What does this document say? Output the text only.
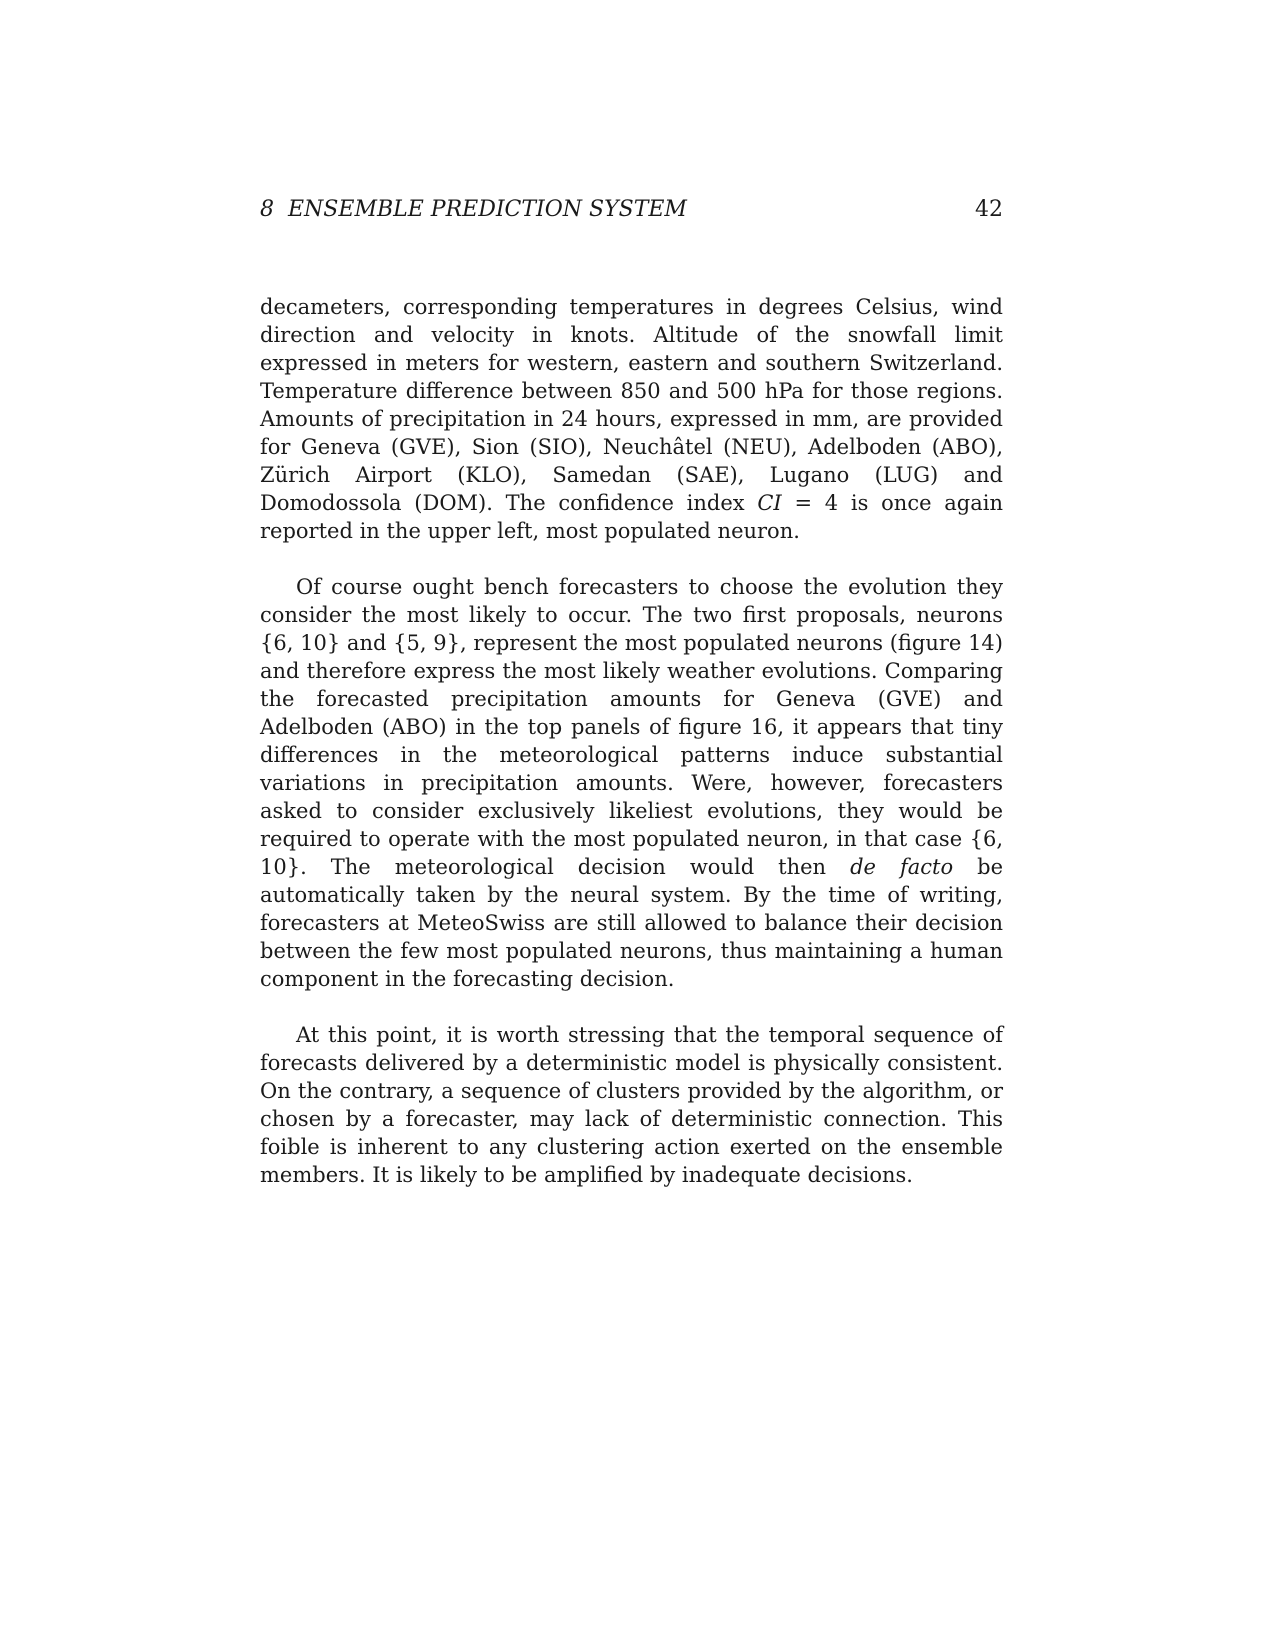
8 ENSEMBLE PREDICTION SYSTEM	42

decameters, corresponding temperatures in degrees Celsius, wind direction and velocity in knots. Altitude of the snowfall limit expressed in meters for western, eastern and southern Switzerland. Temperature difference between 850 and 500 hPa for those regions. Amounts of precipitation in 24 hours, expressed in mm, are provided for Geneva (GVE), Sion (SIO), Neuchâtel (NEU), Adelboden (ABO), Zürich Airport (KLO), Samedan (SAE), Lugano (LUG) and Domodossola (DOM). The confidence index CI = 4 is once again reported in the upper left, most populated neuron.

Of course ought bench forecasters to choose the evolution they consider the most likely to occur. The two first proposals, neurons {6, 10} and {5, 9}, represent the most populated neurons (figure 14) and therefore express the most likely weather evolutions. Comparing the forecasted precipitation amounts for Geneva (GVE) and Adelboden (ABO) in the top panels of figure 16, it appears that tiny differences in the meteorological patterns induce substantial variations in precipitation amounts. Were, however, forecasters asked to consider exclusively likeliest evolutions, they would be required to operate with the most populated neuron, in that case {6, 10}. The meteorological decision would then de facto be automatically taken by the neural system. By the time of writing, forecasters at MeteoSwiss are still allowed to balance their decision between the few most populated neurons, thus maintaining a human component in the forecasting decision.

At this point, it is worth stressing that the temporal sequence of forecasts delivered by a deterministic model is physically consistent. On the contrary, a sequence of clusters provided by the algorithm, or chosen by a forecaster, may lack of deterministic connection. This foible is inherent to any clustering action exerted on the ensemble members. It is likely to be amplified by inadequate decisions.
